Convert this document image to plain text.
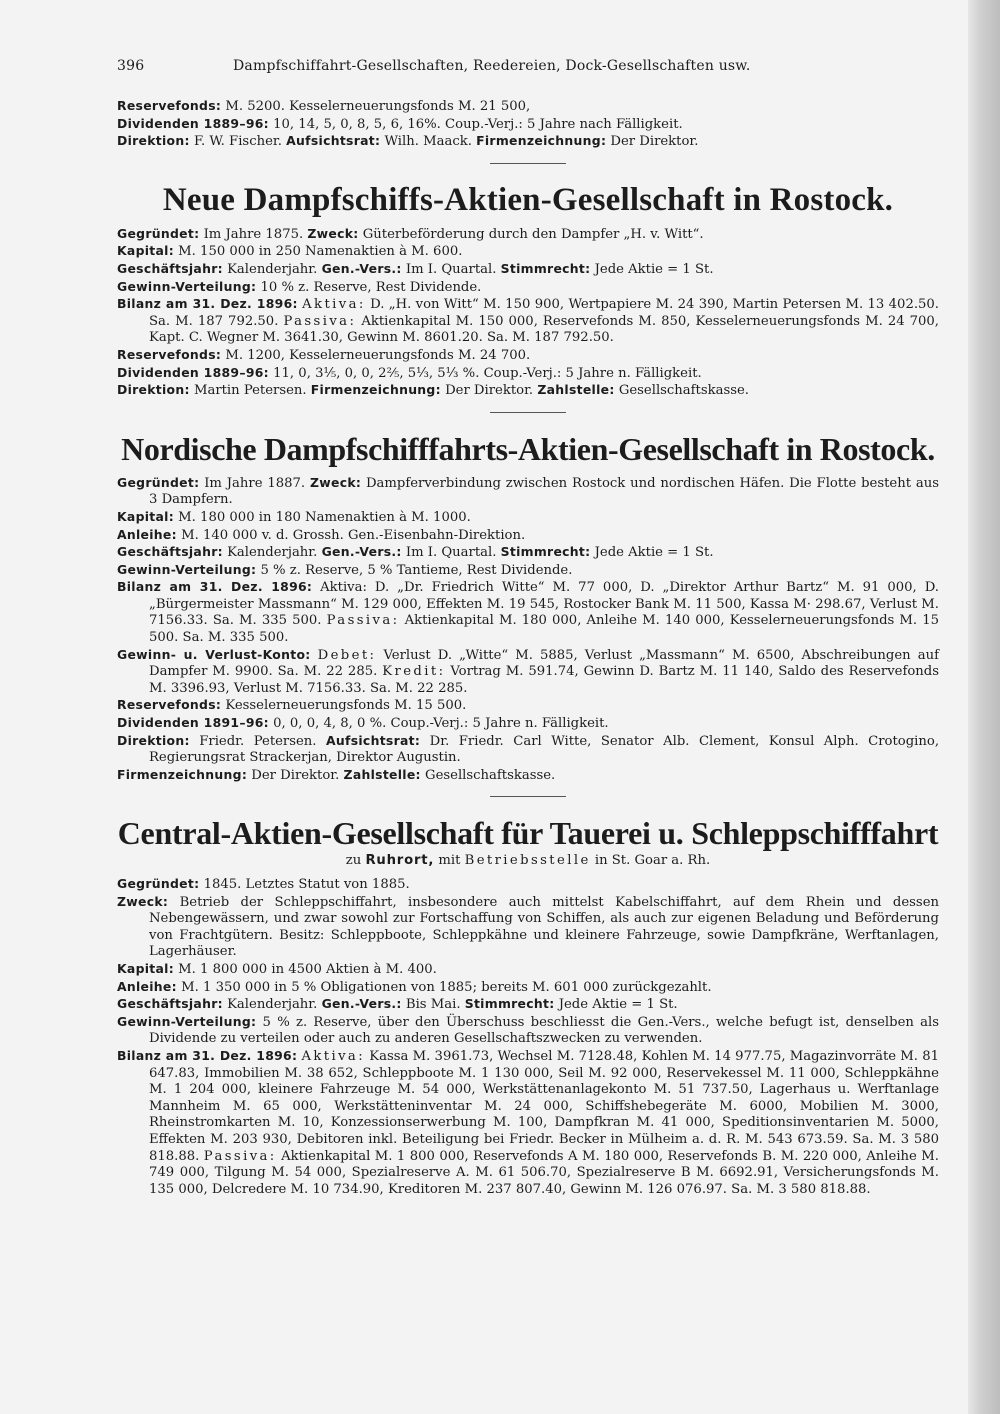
396	Dampfschiffahrt-Gesellschaften, Reedereien, Dock-Gesellschaften usw.

Reservefonds: M. 5200. Kesselerneuerungsfonds M. 21 500,

Dividenden 1889–96: 10, 14, 5, 0, 8, 5, 6, 16%. Coup.-Verj.: 5 Jahre nach Fälligkeit.

Direktion: F. W. Fischer. Aufsichtsrat: Wilh. Maack. Firmenzeichnung: Der Direktor.

Neue Dampfschiffs-Aktien-Gesellschaft in Rostock.

Gegründet: Im Jahre 1875. Zweck: Güterbeförderung durch den Dampfer „H. v. Witt“.

Kapital: M. 150 000 in 250 Namenaktien à M. 600.

Geschäftsjahr: Kalenderjahr. Gen.-Vers.: Im I. Quartal. Stimmrecht: Jede Aktie = 1 St.

Gewinn-Verteilung: 10 % z. Reserve, Rest Dividende.

Bilanz am 31. Dez. 1896: Aktiva: D. „H. von Witt“ M. 150 900, Wertpapiere M. 24 390, Martin Petersen M. 13 402.50. Sa. M. 187 792.50. Passiva: Aktienkapital M. 150 000, Reservefonds M. 850, Kesselerneuerungsfonds M. 24 700, Kapt. C. Wegner M. 3641.30, Gewinn M. 8601.20. Sa. M. 187 792.50.

Reservefonds: M. 1200, Kesselerneuerungsfonds M. 24 700.

Dividenden 1889–96: 11, 0, 3⅕, 0, 0, 2⅖, 5⅓, 5⅓ %. Coup.-Verj.: 5 Jahre n. Fälligkeit.

Direktion: Martin Petersen. Firmenzeichnung: Der Direktor. Zahlstelle: Gesellschaftskasse.

Nordische Dampfschifffahrts-Aktien-Gesellschaft in Rostock.

Gegründet: Im Jahre 1887. Zweck: Dampferverbindung zwischen Rostock und nordischen Häfen. Die Flotte besteht aus 3 Dampfern.

Kapital: M. 180 000 in 180 Namenaktien à M. 1000.

Anleihe: M. 140 000 v. d. Grossh. Gen.-Eisenbahn-Direktion.

Geschäftsjahr: Kalenderjahr. Gen.-Vers.: Im I. Quartal. Stimmrecht: Jede Aktie = 1 St.

Gewinn-Verteilung: 5 % z. Reserve, 5 % Tantieme, Rest Dividende.

Bilanz am 31. Dez. 1896: Aktiva: D. „Dr. Friedrich Witte“ M. 77 000, D. „Direktor Arthur Bartz“ M. 91 000, D. „Bürgermeister Massmann“ M. 129 000, Effekten M. 19 545, Rostocker Bank M. 11 500, Kassa M· 298.67, Verlust M. 7156.33. Sa. M. 335 500. Passiva: Aktienkapital M. 180 000, Anleihe M. 140 000, Kesselerneuerungsfonds M. 15 500. Sa. M. 335 500.

Gewinn- u. Verlust-Konto: Debet: Verlust D. „Witte“ M. 5885, Verlust „Massmann“ M. 6500, Abschreibungen auf Dampfer M. 9900. Sa. M. 22 285. Kredit: Vortrag M. 591.74, Gewinn D. Bartz M. 11 140, Saldo des Reservefonds M. 3396.93, Verlust M. 7156.33. Sa. M. 22 285.

Reservefonds: Kesselerneuerungsfonds M. 15 500.

Dividenden 1891–96: 0, 0, 0, 4, 8, 0 %. Coup.-Verj.: 5 Jahre n. Fälligkeit.

Direktion: Friedr. Petersen. Aufsichtsrat: Dr. Friedr. Carl Witte, Senator Alb. Clement, Konsul Alph. Crotogino, Regierungsrat Strackerjan, Direktor Augustin.

Firmenzeichnung: Der Direktor. Zahlstelle: Gesellschaftskasse.

Central-Aktien-Gesellschaft für Tauerei u. Schleppschifffahrt
zu Ruhrort, mit Betriebsstelle in St. Goar a. Rh.

Gegründet: 1845. Letztes Statut von 1885.

Zweck: Betrieb der Schleppschiffahrt, insbesondere auch mittelst Kabelschiffahrt, auf dem Rhein und dessen Nebengewässern, und zwar sowohl zur Fortschaffung von Schiffen, als auch zur eigenen Beladung und Beförderung von Frachtgütern. Besitz: Schleppboote, Schleppkähne und kleinere Fahrzeuge, sowie Dampfkräne, Werftanlagen, Lagerhäuser.

Kapital: M. 1 800 000 in 4500 Aktien à M. 400.

Anleihe: M. 1 350 000 in 5 % Obligationen von 1885; bereits M. 601 000 zurückgezahlt.

Geschäftsjahr: Kalenderjahr. Gen.-Vers.: Bis Mai. Stimmrecht: Jede Aktie = 1 St.

Gewinn-Verteilung: 5 % z. Reserve, über den Überschuss beschliesst die Gen.-Vers., welche befugt ist, denselben als Dividende zu verteilen oder auch zu anderen Gesellschaftszwecken zu verwenden.

Bilanz am 31. Dez. 1896: Aktiva: Kassa M. 3961.73, Wechsel M. 7128.48, Kohlen M. 14 977.75, Magazinvorräte M. 81 647.83, Immobilien M. 38 652, Schleppboote M. 1 130 000, Seil M. 92 000, Reservekessel M. 11 000, Schleppkähne M. 1 204 000, kleinere Fahrzeuge M. 54 000, Werkstättenanlagekonto M. 51 737.50, Lagerhaus u. Werftanlage Mannheim M. 65 000, Werkstätteninventar M. 24 000, Schiffshebegeräte M. 6000, Mobilien M. 3000, Rheinstromkarten M. 10, Konzessionserwerbung M. 100, Dampfkran M. 41 000, Speditionsinventarien M. 5000, Effekten M. 203 930, Debitoren inkl. Beteiligung bei Friedr. Becker in Mülheim a. d. R. M. 543 673.59. Sa. M. 3 580 818.88. Passiva: Aktienkapital M. 1 800 000, Reservefonds A M. 180 000, Reservefonds B. M. 220 000, Anleihe M. 749 000, Tilgung M. 54 000, Spezialreserve A. M. 61 506.70, Spezialreserve B M. 6692.91, Versicherungsfonds M. 135 000, Delcredere M. 10 734.90, Kreditoren M. 237 807.40, Gewinn M. 126 076.97. Sa. M. 3 580 818.88.
